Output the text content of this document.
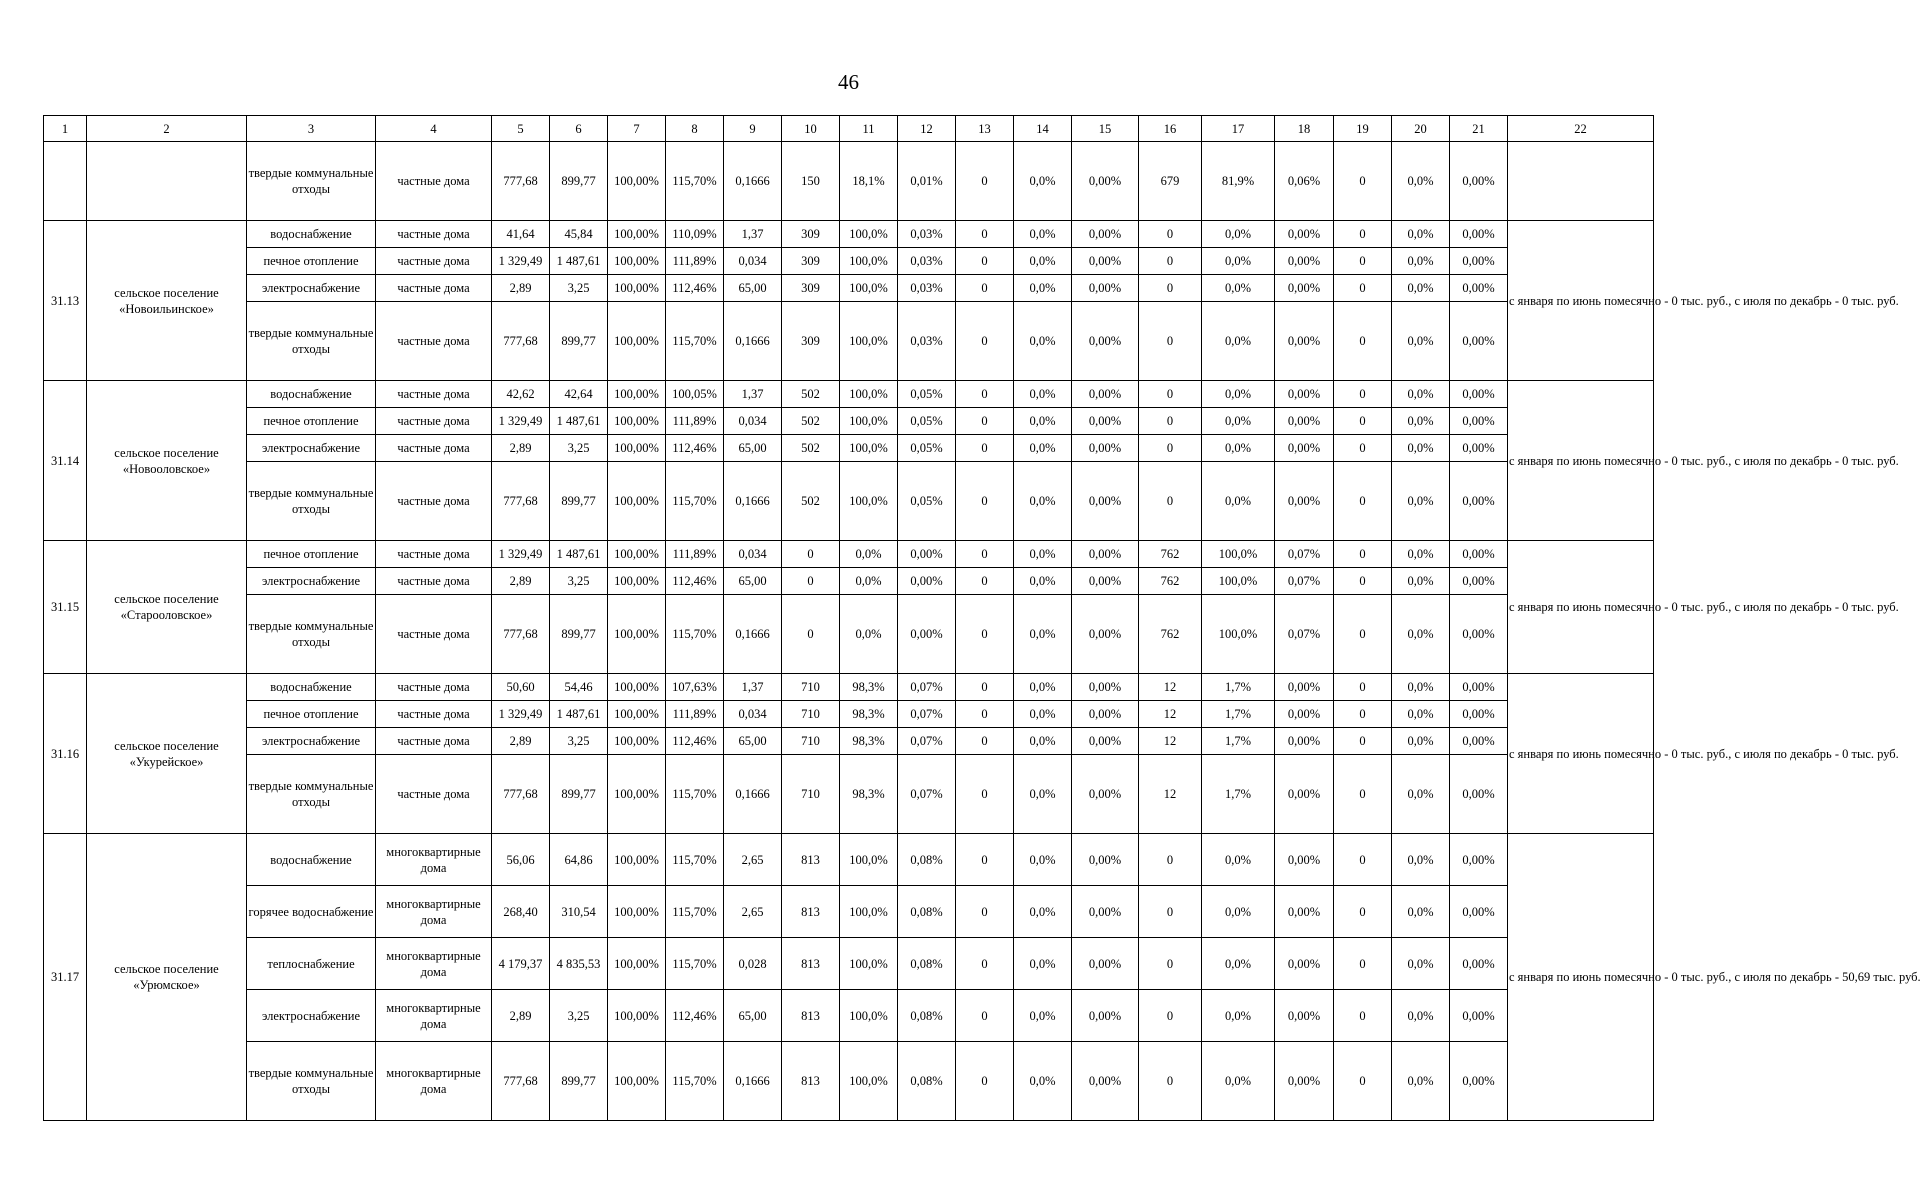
46
1	2	3	4	5	6	7	8	9	10	11	12	13	14	15	16	17	18	19	20	21	22
		твердые коммунальные отходы	частные дома	777,68	899,77	100,00%	115,70%	0,1666	150	18,1%	0,01%	0	0,0%	0,00%	679	81,9%	0,06%	0	0,0%	0,00%	
31.13	сельское поселение «Новоильинское»	водоснабжение	частные дома	41,64	45,84	100,00%	110,09%	1,37	309	100,0%	0,03%	0	0,0%	0,00%	0	0,0%	0,00%	0	0,0%	0,00%	с января по июнь помесячно - 0 тыс. руб., с июля по декабрь - 0 тыс. руб.
		печное отопление	частные дома	1 329,49	1 487,61	100,00%	111,89%	0,034	309	100,0%	0,03%	0	0,0%	0,00%	0	0,0%	0,00%	0	0,0%	0,00%	
		электроснабжение	частные дома	2,89	3,25	100,00%	112,46%	65,00	309	100,0%	0,03%	0	0,0%	0,00%	0	0,0%	0,00%	0	0,0%	0,00%	
		твердые коммунальные отходы	частные дома	777,68	899,77	100,00%	115,70%	0,1666	309	100,0%	0,03%	0	0,0%	0,00%	0	0,0%	0,00%	0	0,0%	0,00%	
31.14	сельское поселение «Новооловское»	водоснабжение	частные дома	42,62	42,64	100,00%	100,05%	1,37	502	100,0%	0,05%	0	0,0%	0,00%	0	0,0%	0,00%	0	0,0%	0,00%	с января по июнь помесячно - 0 тыс. руб., с июля по декабрь - 0 тыс. руб.
		печное отопление	частные дома	1 329,49	1 487,61	100,00%	111,89%	0,034	502	100,0%	0,05%	0	0,0%	0,00%	0	0,0%	0,00%	0	0,0%	0,00%	
		электроснабжение	частные дома	2,89	3,25	100,00%	112,46%	65,00	502	100,0%	0,05%	0	0,0%	0,00%	0	0,0%	0,00%	0	0,0%	0,00%	
		твердые коммунальные отходы	частные дома	777,68	899,77	100,00%	115,70%	0,1666	502	100,0%	0,05%	0	0,0%	0,00%	0	0,0%	0,00%	0	0,0%	0,00%	
31.15	сельское поселение «Старооловское»	печное отопление	частные дома	1 329,49	1 487,61	100,00%	111,89%	0,034	0	0,0%	0,00%	0	0,0%	0,00%	762	100,0%	0,07%	0	0,0%	0,00%	с января по июнь помесячно - 0 тыс. руб., с июля по декабрь - 0 тыс. руб.
		электроснабжение	частные дома	2,89	3,25	100,00%	112,46%	65,00	0	0,0%	0,00%	0	0,0%	0,00%	762	100,0%	0,07%	0	0,0%	0,00%	
		твердые коммунальные отходы	частные дома	777,68	899,77	100,00%	115,70%	0,1666	0	0,0%	0,00%	0	0,0%	0,00%	762	100,0%	0,07%	0	0,0%	0,00%	
31.16	сельское поселение «Укурейское»	водоснабжение	частные дома	50,60	54,46	100,00%	107,63%	1,37	710	98,3%	0,07%	0	0,0%	0,00%	12	1,7%	0,00%	0	0,0%	0,00%	с января по июнь помесячно - 0 тыс. руб., с июля по декабрь - 0 тыс. руб.
		печное отопление	частные дома	1 329,49	1 487,61	100,00%	111,89%	0,034	710	98,3%	0,07%	0	0,0%	0,00%	12	1,7%	0,00%	0	0,0%	0,00%	
		электроснабжение	частные дома	2,89	3,25	100,00%	112,46%	65,00	710	98,3%	0,07%	0	0,0%	0,00%	12	1,7%	0,00%	0	0,0%	0,00%	
		твердые коммунальные отходы	частные дома	777,68	899,77	100,00%	115,70%	0,1666	710	98,3%	0,07%	0	0,0%	0,00%	12	1,7%	0,00%	0	0,0%	0,00%	
31.17	сельское поселение «Урюмское»	водоснабжение	многоквартирные дома	56,06	64,86	100,00%	115,70%	2,65	813	100,0%	0,08%	0	0,0%	0,00%	0	0,0%	0,00%	0	0,0%	0,00%	с января по июнь помесячно - 0 тыс. руб., с июля по декабрь - 50,69 тыс. руб.
		горячее водоснабжение	многоквартирные дома	268,40	310,54	100,00%	115,70%	2,65	813	100,0%	0,08%	0	0,0%	0,00%	0	0,0%	0,00%	0	0,0%	0,00%	
		теплоснабжение	многоквартирные дома	4 179,37	4 835,53	100,00%	115,70%	0,028	813	100,0%	0,08%	0	0,0%	0,00%	0	0,0%	0,00%	0	0,0%	0,00%	
		электроснабжение	многоквартирные дома	2,89	3,25	100,00%	112,46%	65,00	813	100,0%	0,08%	0	0,0%	0,00%	0	0,0%	0,00%	0	0,0%	0,00%	
		твердые коммунальные отходы	многоквартирные дома	777,68	899,77	100,00%	115,70%	0,1666	813	100,0%	0,08%	0	0,0%	0,00%	0	0,0%	0,00%	0	0,0%	0,00%	
